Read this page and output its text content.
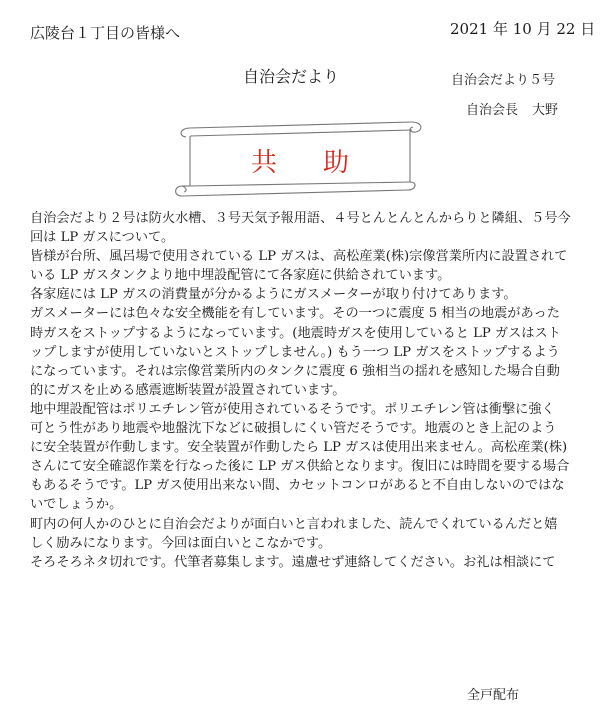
広陵台１丁目の皆様へ	2021 年 10 月 22 日
自治会だより	自治会だより５号
自治会長 大野
共助
自治会だより２号は防火水槽、３号天気予報用語、４号とんとんとんからりと隣組、５号今
回は LP ガスについて。
皆様が台所、風呂場で使用されている LP ガスは、高松産業(株)宗像営業所内に設置されて
いる LP ガスタンクより地中埋設配管にて各家庭に供給されています。
各家庭には LP ガスの消費量が分かるようにガスメーターが取り付けてあります。
ガスメーターには色々な安全機能を有しています。その一つに震度 5 相当の地震があった
時ガスをストップするようになっています。(地震時ガスを使用していると LP ガスはスト
ップしますが使用していないとストップしません。) もう一つ LP ガスをストップするよう
になっています。それは宗像営業所内のタンクに震度 6 強相当の揺れを感知した場合自動
的にガスを止める感震遮断装置が設置されています。
地中埋設配管はポリエチレン管が使用されているそうです。ポリエチレン管は衝撃に強く
可とう性があり地震や地盤沈下などに破損しにくい管だそうです。地震のとき上記のよう
に安全装置が作動します。安全装置が作動したら LP ガスは使用出来ません。高松産業(株)
さんにて安全確認作業を行なった後に LP ガス供給となります。復旧には時間を要する場合
もあるそうです。LP ガス使用出来ない間、カセットコンロがあると不自由しないのではな
いでしょうか。
町内の何人かのひとに自治会だよりが面白いと言われました、読んでくれているんだと嬉
しく励みになります。今回は面白いとこなかです。
そろそろネタ切れです。代筆者募集します。遠慮せず連絡してください。お礼は相談にて
全戸配布
